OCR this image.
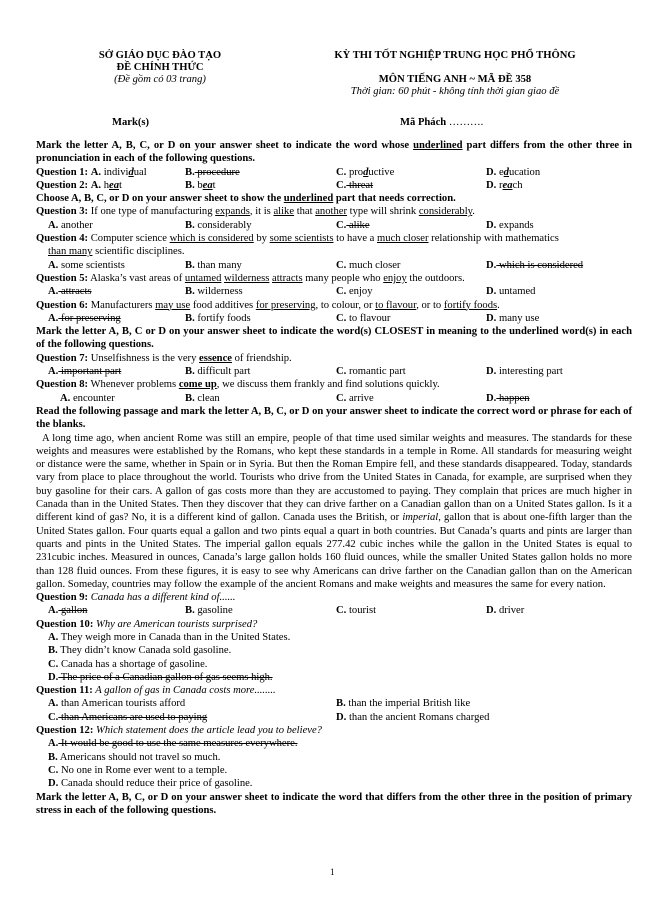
SỞ GIÁO DỤC ĐÀO TẠO
ĐỀ CHÍNH THỨC
(Đề gồm có 03 trang)
KỲ THI TỐT NGHIỆP TRUNG HỌC PHỔ THÔNG
MÔN TIẾNG ANH ~ MÃ ĐỀ 358
Thời gian: 60 phút - không tính thời gian giao đề
Mark(s)	Mã Phách ……….
Mark the letter A, B, C, or D on your answer sheet to indicate the word whose underlined part differs from the other three in pronunciation in each of the following questions.
Question 1: A. individual	B. procedure	C. productive	D. education
Question 2: A. heat	B. beat	C. threat	D. reach
Choose A, B, C, or D on your answer sheet to show the underlined part that needs correction.
Question 3: If one type of manufacturing expands, it is alike that another type will shrink considerably.
A. another	B. considerably	C. alike	D. expands
Question 4: Computer science which is considered by some scientists to have a much closer relationship with mathematics
than many scientific disciplines.
A. some scientists	B. than many	C. much closer	D. which is considered
Question 5: Alaska’s vast areas of untamed wilderness attracts many people who enjoy the outdoors.
A. attracts	B. wilderness	C. enjoy	D. untamed
Question 6: Manufacturers may use food additives for preserving, to colour, or to flavour, or to fortify foods.
A. for preserving	B. fortify foods	C. to flavour	D. many use
Mark the letter A, B, C or D on your answer sheet to indicate the word(s) CLOSEST in meaning to the underlined word(s) in each of the following questions.
Question 7: Unselfishness is the very essence of friendship.
A. important part	B. difficult part	C. romantic part	D. interesting part
Question 8: Whenever problems come up, we discuss them frankly and find solutions quickly.
A. encounter	B. clean	C. arrive	D. happen
Read the following passage and mark the letter A, B, C, or D on your answer sheet to indicate the correct word or phrase for each of the blanks.
A long time ago, when ancient Rome was still an empire, people of that time used similar weights and measures. The standards for these weights and measures were established by the Romans, who kept these standards in a temple in Rome. All standards for measuring weight or distance were the same, whether in Spain or in Syria. But then the Roman Empire fell, and these standards disappeared. Today, standards vary from place to place throughout the world. Tourists who drive from the United States in Canada, for example, are surprised when they buy gasoline for their cars. A gallon of gas costs more than they are accustomed to paying. They complain that prices are much higher in Canada than in the United States. Then they discover that they can drive farther on a Canadian gallon than on a United States gallon. Is it a different kind of gas? No, it is a different kind of gallon. Canada uses the British, or imperial, gallon that is about one-fifth larger than the United States gallon. Four quarts equal a gallon and two pints equal a quart in both countries. But Canada’s quarts and pints are larger than quarts and pints in the United States. The imperial gallon equals 277.42 cubic inches while the gallon in the United States is equal to 231cubic inches. Measured in ounces, Canada’s large gallon holds 160 fluid ounces, while the smaller United States gallon holds no more than 128 fluid ounces. From these figures, it is easy to see why Americans can drive farther on the Canadian gallon than on the American gallon. Someday, countries may follow the example of the ancient Romans and make weights and measures the same for every nation.
Question 9: Canada has a different kind of......
A. gallon	B. gasoline	C. tourist	D. driver
Question 10: Why are American tourists surprised?
A. They weigh more in Canada than in the United States.
B. They didn’t know Canada sold gasoline.
C. Canada has a shortage of gasoline.
D. The price of a Canadian gallon of gas seems high.
Question 11: A gallon of gas in Canada costs more........
A. than American tourists afford	B. than the imperial British like
C. than Americans are used to paying	D. than the ancient Romans charged
Question 12: Which statement does the article lead you to believe?
A. It would be good to use the same measures everywhere.
B. Americans should not travel so much.
C. No one in Rome ever went to a temple.
D. Canada should reduce their price of gasoline.
Mark the letter A, B, C, or D on your answer sheet to indicate the word that differs from the other three in the position of primary stress in each of the following questions.
1
